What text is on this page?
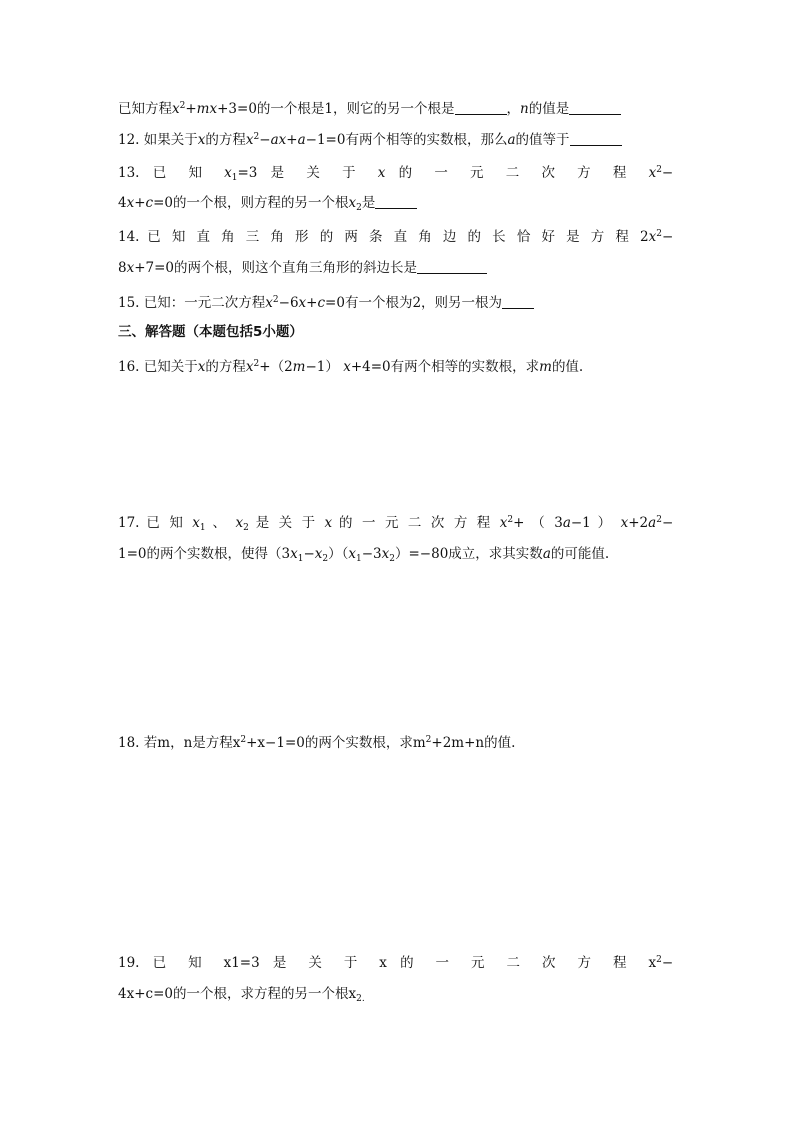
已知方程$x^2+mx+3=0$的一个根是1，则它的另一个根是	，n的值是
12. 如果关于x的方程$x^2-ax+a-1=0$有两个相等的实数根，那么a的值等于
13. 已 知 $x_1=3$ 是 关 于 x 的 一 元 二 次 方 程 $x^2-$
4x+c=0的一个根，则方程的另一个根$x_2$是
14. 已 知 直 角 三 角 形 的 两 条 直 角 边 的 长 恰 好 是 方 程 $2x^2-$
8x+7=0的两个根，则这个直角三角形的斜边长是
15. 已知：一元二次方程$x^2-6x+c=0$有一个根为2，则另一根为
三、解答题（本题包括5小题）
16. 已知关于x的方程$x^2+(2m-1)$ x+4=0有两个相等的实数根，求m的值.
17. 已 知 $x_1$ 、 $x_2$ 是 关 于 x 的 一 元 二 次 方 程 $x^2+$ （ 3a−1 ） $x+2a^2-$
1=0的两个实数根，使得$(3x_1-x_2)(x_1-3x_2)=-80$成立，求其实数a的可能值.
18. 若m，n是方程$x^2+x-1=0$的两个实数根，求$m^2+2m+n$的值.
19. 已 知 x1=3 是 关 于 x 的 一 元 二 次 方 程 $x^2-$
4x+c=0的一个根，求方程的另一个根$x_{2.}$
